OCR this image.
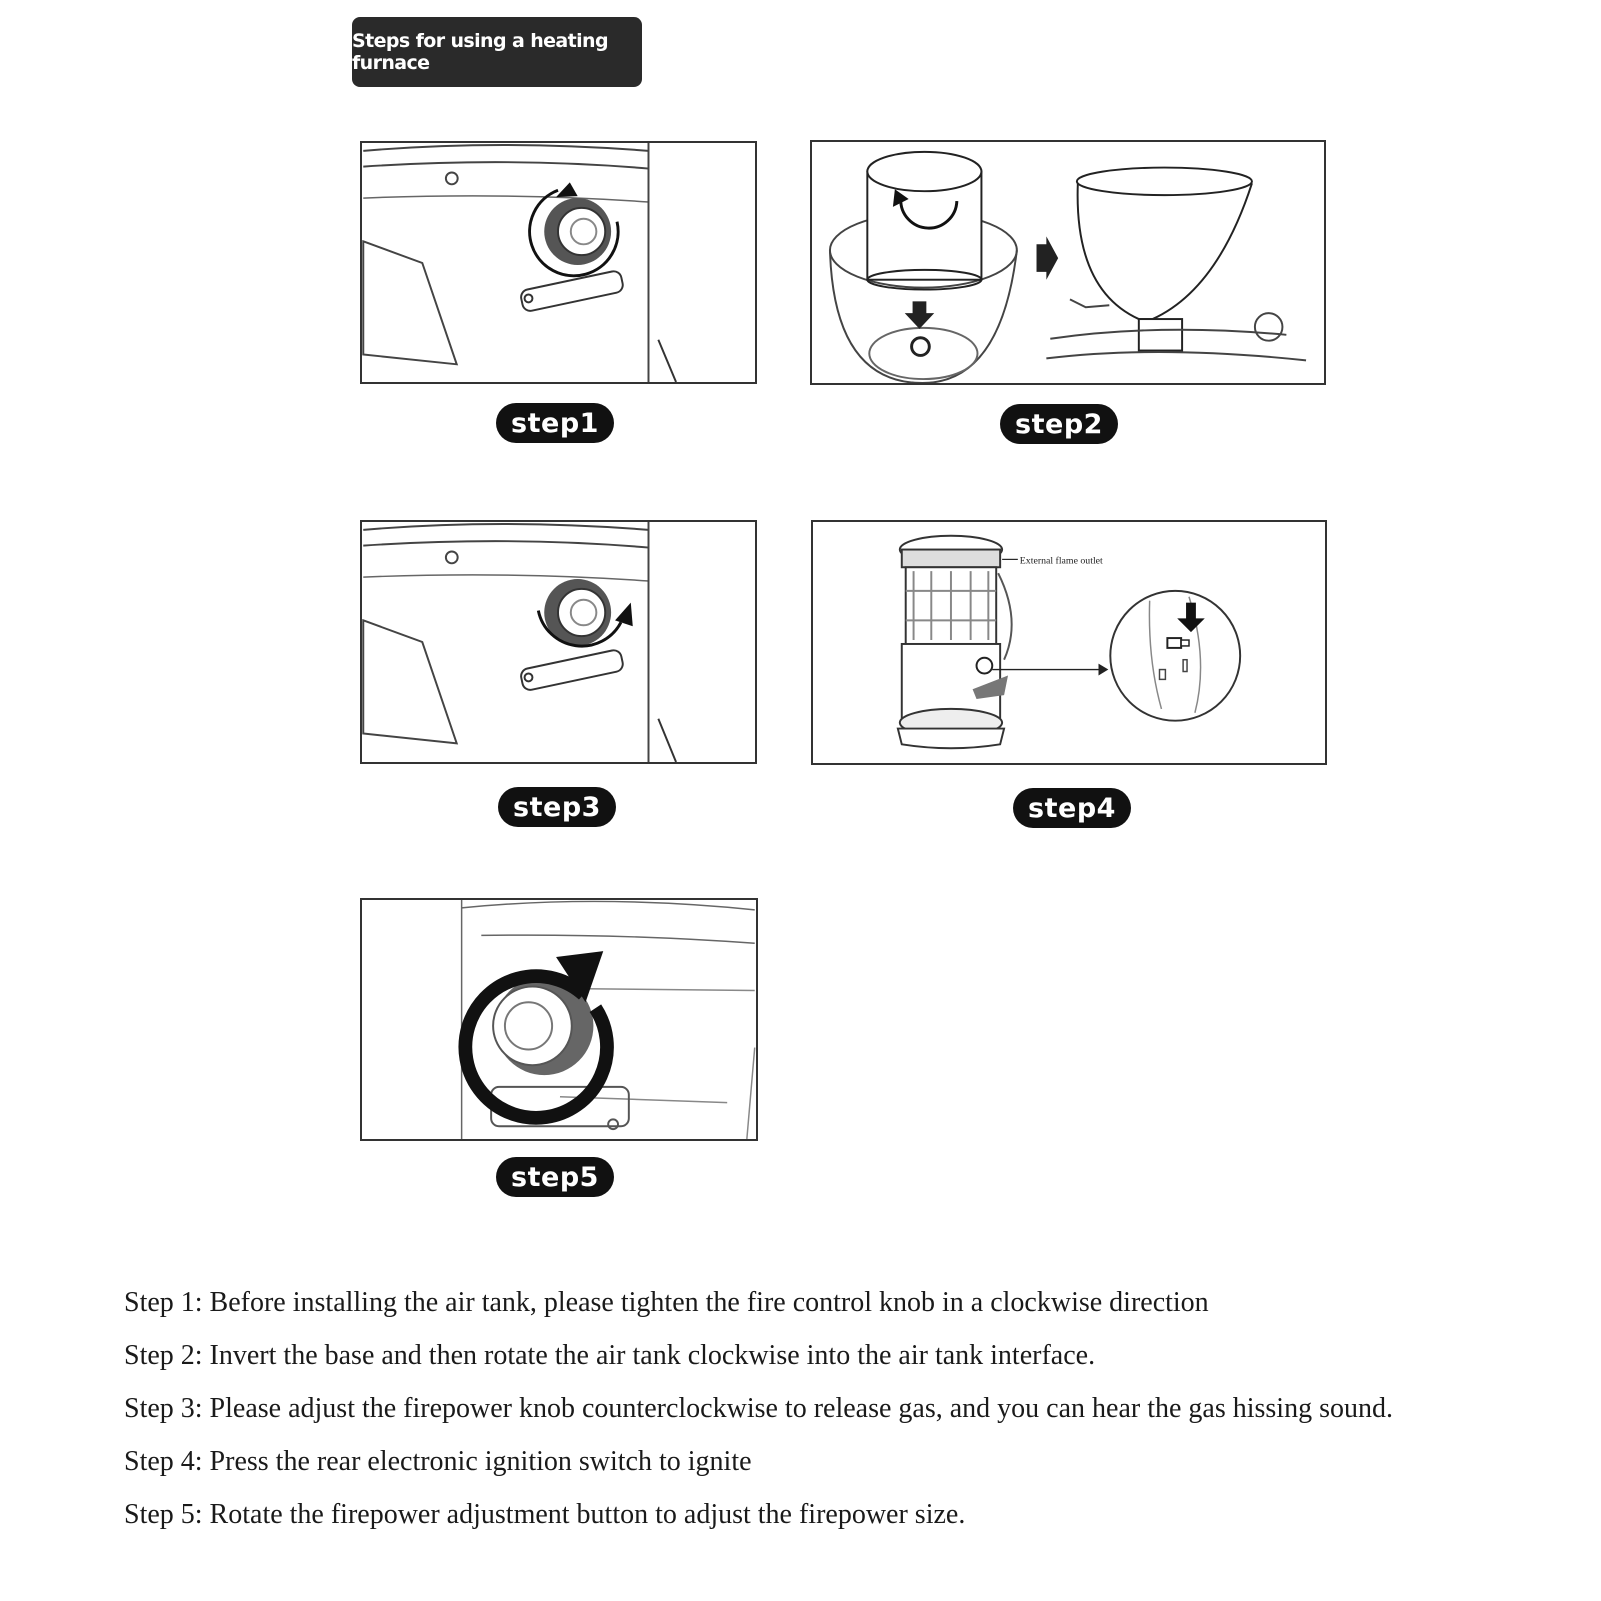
Steps for using a heating furnace
step1	step2
step3
External flame outlet
step4
step5

Step 1: Before installing the air tank, please tighten the fire control knob in a clockwise direction

Step 2: Invert the base and then rotate the air tank clockwise into the air tank interface.

Step 3: Please adjust the firepower knob counterclockwise to release gas, and you can hear the gas hissing sound.

Step 4: Press the rear electronic ignition switch to ignite

Step 5: Rotate the firepower adjustment button to adjust the firepower size.
